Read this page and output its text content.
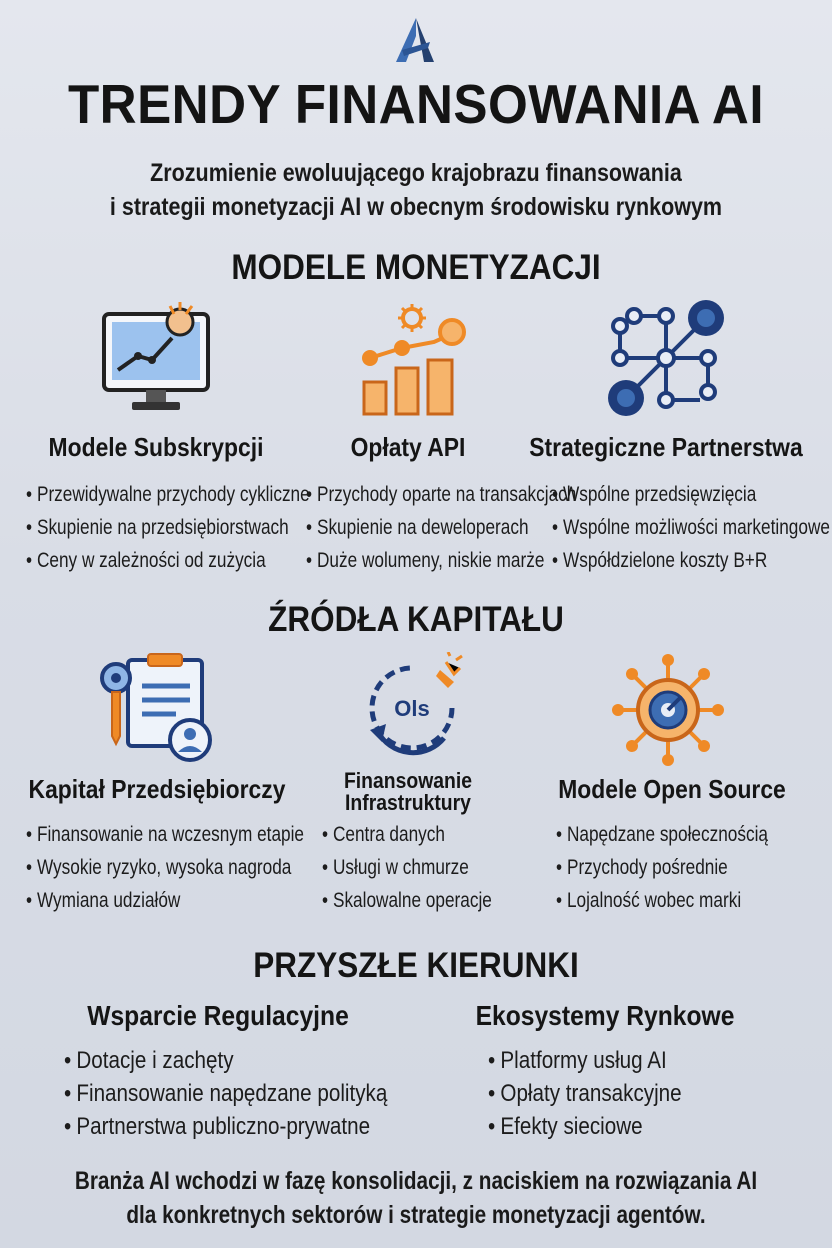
TRENDY FINANSOWANIA AI
Zrozumienie ewoluującego krajobrazu finansowania
i strategii monetyzacji AI w obecnym środowisku rynkowym
MODELE MONETYZACJI
Modele Subskrypcji	Opłaty API	Strategiczne Partnerstwa
• Przewidywalne przychody cykliczne
• Skupienie na przedsiębiorstwach
• Ceny w zależności od zużycia
• Przychody oparte na transakcjach
• Skupienie na deweloperach
• Duże wolumeny, niskie marże
• Wspólne przedsięwzięcia
• Wspólne możliwości marketingowe
• Współdzielone koszty B+R
ŹRÓDŁA KAPITAŁU
Ols
Kapitał Przedsiębiorczy	Finansowanie
Infrastruktury	Modele Open Source
• Finansowanie na wczesnym etapie
• Wysokie ryzyko, wysoka nagroda
• Wymiana udziałów
• Centra danych
• Usługi w chmurze
• Skalowalne operacje
• Napędzane społecznością
• Przychody pośrednie
• Lojalność wobec marki
PRZYSZŁE KIERUNKI
Wsparcie Regulacyjne	Ekosystemy Rynkowe
• Dotacje i zachęty
• Finansowanie napędzane polityką
• Partnerstwa publiczno-prywatne
• Platformy usług AI
• Opłaty transakcyjne
• Efekty sieciowe
Branża AI wchodzi w fazę konsolidacji, z naciskiem na rozwiązania AI
dla konkretnych sektorów i strategie monetyzacji agentów.
